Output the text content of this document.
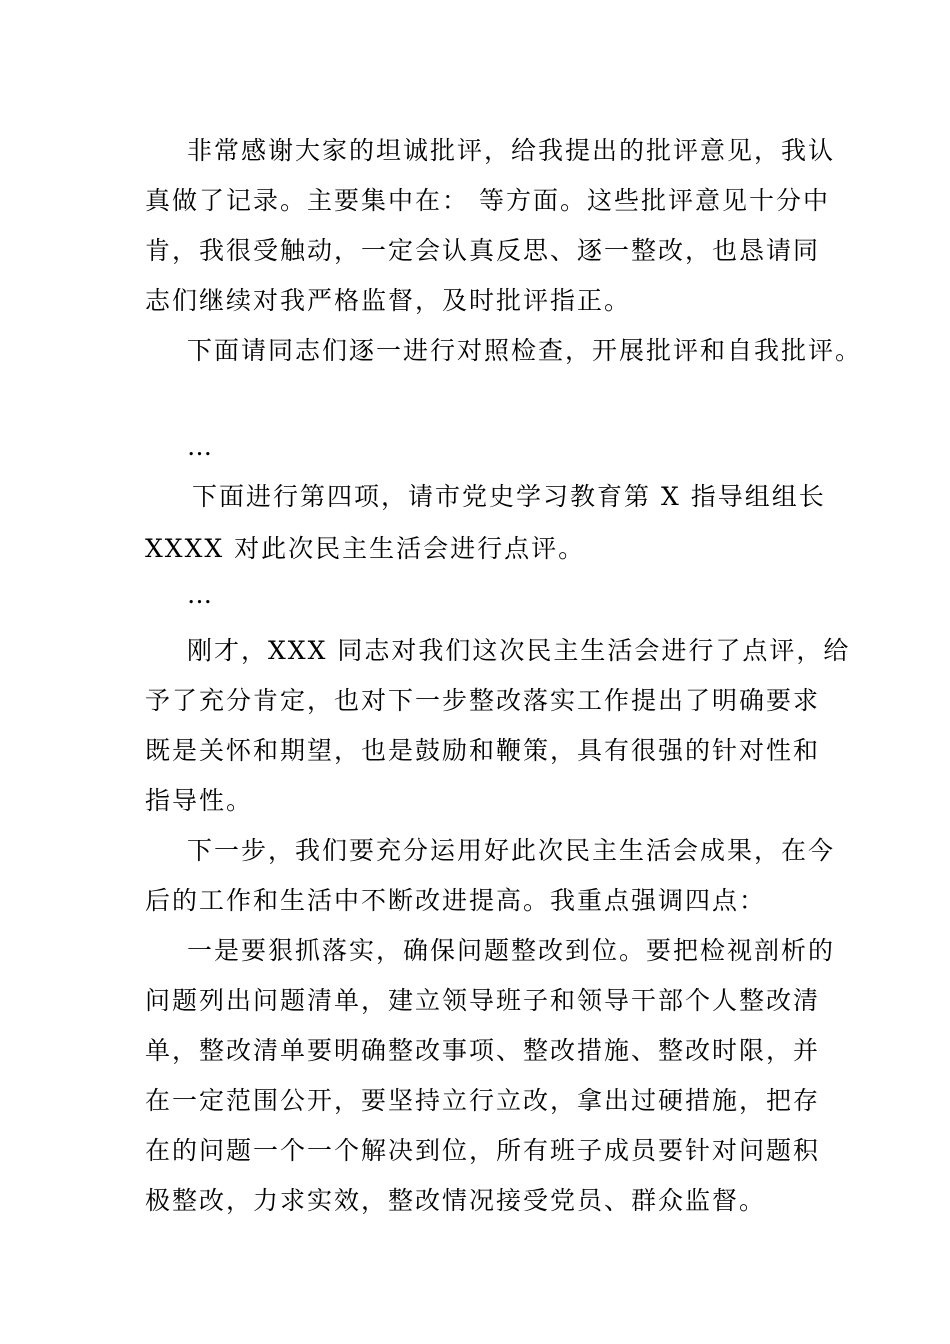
非常感谢大家的坦诚批评，给我提出的批评意见，我认
真做了记录。主要集中在： 等方面。这些批评意见十分中
肯，我很受触动，一定会认真反思、逐一整改，也恳请同
志们继续对我严格监督，及时批评指正。
下面请同志们逐一进行对照检查，开展批评和自我批评。
…
下面进行第四项，请市党史学习教育第 X 指导组组长
XXXX 对此次民主生活会进行点评。
…
刚才，XXX 同志对我们这次民主生活会进行了点评，给
予了充分肯定，也对下一步整改落实工作提出了明确要求
既是关怀和期望，也是鼓励和鞭策，具有很强的针对性和
指导性。
下一步，我们要充分运用好此次民主生活会成果，在今
后的工作和生活中不断改进提高。我重点强调四点：
一是要狠抓落实，确保问题整改到位。要把检视剖析的
问题列出问题清单，建立领导班子和领导干部个人整改清
单，整改清单要明确整改事项、整改措施、整改时限，并
在一定范围公开，要坚持立行立改，拿出过硬措施，把存
在的问题一个一个解决到位，所有班子成员要针对问题积
极整改，力求实效，整改情况接受党员、群众监督。
